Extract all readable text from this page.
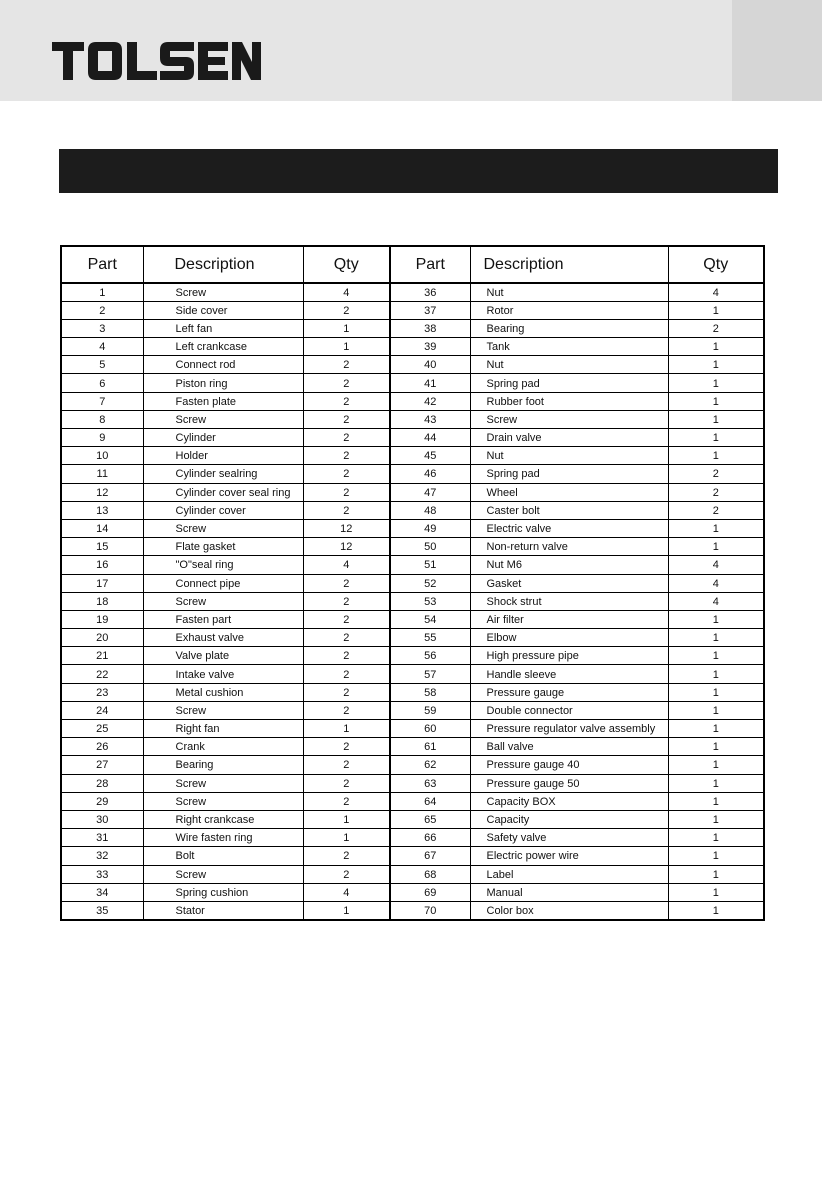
Part	Description	Qty	Part	Description	Qty
1	Screw	4	36	Nut	4
2	Side cover	2	37	Rotor	1
3	Left fan	1	38	Bearing	2
4	Left crankcase	1	39	Tank	1
5	Connect rod	2	40	Nut	1
6	Piston ring	2	41	Spring pad	1
7	Fasten plate	2	42	Rubber foot	1
8	Screw	2	43	Screw	1
9	Cylinder	2	44	Drain valve	1
10	Holder	2	45	Nut	1
11	Cylinder sealring	2	46	Spring pad	2
12	Cylinder cover seal ring	2	47	Wheel	2
13	Cylinder cover	2	48	Caster bolt	2
14	Screw	12	49	Electric valve	1
15	Flate gasket	12	50	Non-return valve	1
16	"O"seal ring	4	51	Nut M6	4
17	Connect pipe	2	52	Gasket	4
18	Screw	2	53	Shock strut	4
19	Fasten part	2	54	Air filter	1
20	Exhaust valve	2	55	Elbow	1
21	Valve plate	2	56	High pressure pipe	1
22	Intake valve	2	57	Handle sleeve	1
23	Metal cushion	2	58	Pressure gauge	1
24	Screw	2	59	Double connector	1
25	Right fan	1	60	Pressure regulator valve assembly	1
26	Crank	2	61	Ball valve	1
27	Bearing	2	62	Pressure gauge 40	1
28	Screw	2	63	Pressure gauge 50	1
29	Screw	2	64	Capacity BOX	1
30	Right crankcase	1	65	Capacity	1
31	Wire fasten ring	1	66	Safety valve	1
32	Bolt	2	67	Electric power wire	1
33	Screw	2	68	Label	1
34	Spring cushion	4	69	Manual	1
35	Stator	1	70	Color box	1
